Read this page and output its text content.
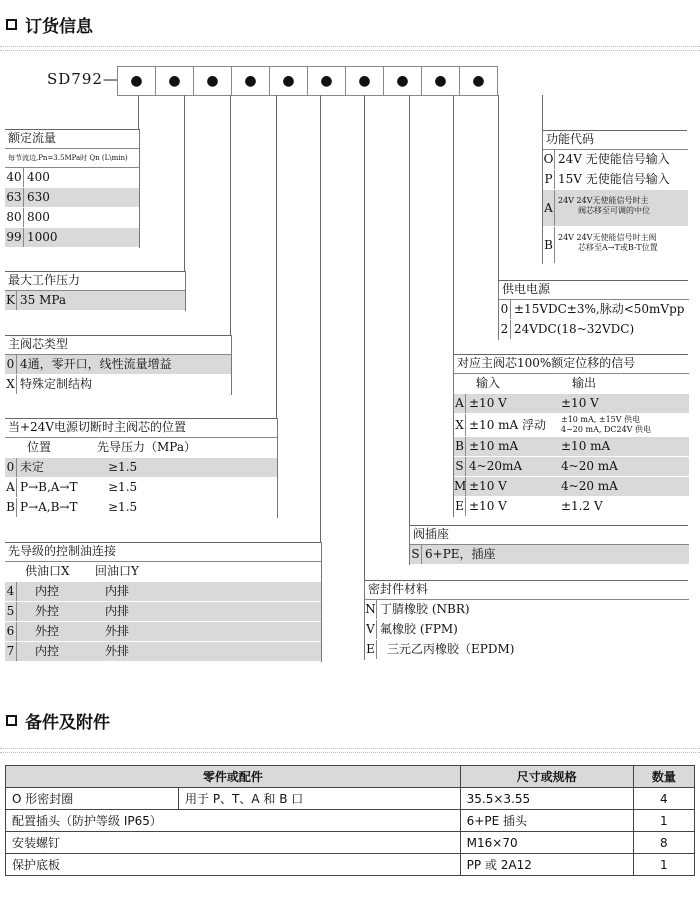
订货信息
SD792— ●	●	●	●	●	●	●	●	●	●
额定流量
每节流边,Pn=3.5MPa时 Qn (L\min)
40 400
63 630
80 800
99 1000
最大工作压力
K 35 MPa
主阀芯类型
0 4通，零开口，线性流量增益
X 特殊定制结构
当+24V电源切断时主阀芯的位置
位置	先导压力（MPa）
0 未定	≥1.5
A P→B,A→T	≥1.5
B P→A,B→T	≥1.5
先导级的控制油连接
供油口X	回油口Y
4	内控	内排
5	外控	内排
6	外控	外排
7	内控	外排
功能代码
O 24V 无使能信号输入
P 15V 无使能信号输入
A
24V 24V无使能信号时主
阀芯移至可调的中位
B
24V 24V无使能信号时主阀
芯移至A→T或B-T位置
供电电源
0 ±15VDC±3%,脉动<50mVpp
2 24VDC(18~32VDC)
对应主阀芯100%额定位移的信号
输入	输出
A ±10 V	±10 V
X ±10 mA 浮动	±10 mA, ±15V 供电
4~20 mA, DC24V 供电
B ±10 mA	±10 mA
S 4~20mA	4~20 mA
M ±10 V	4~20 mA
E ±10 V	±1.2 V
阀插座
S 6+PE，插座
密封件材料
N 丁腈橡胶 (NBR)
V 氟橡胶 (FPM)
E	三元乙丙橡胶（EPDM)
备件及附件
零件或配件		尺寸或规格	数量
O 形密封圈	用于 P、T、A 和 B 口	35.5×3.55	4
配置插头（防护等级 IP65）		6+PE 插头	1
安装螺钉		M16×70	8
保护底板		PP 或 2A12	1
